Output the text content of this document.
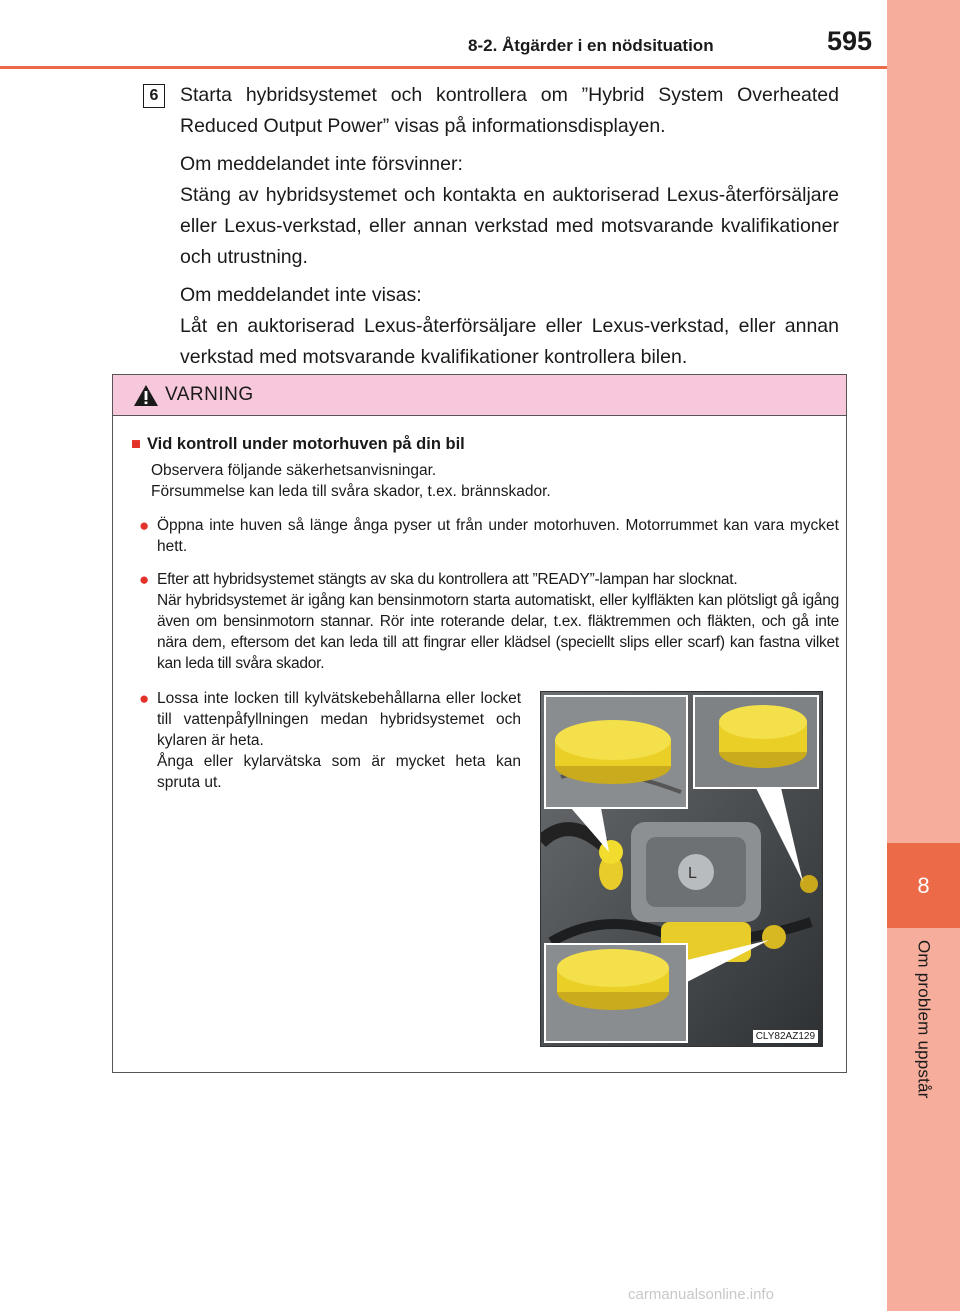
8
Om problem uppstår
8-2. Åtgärder i en nödsituation	595
6	Starta hybridsystemet och kontrollera om ”Hybrid System Overheated Reduced Output Power” visas på informationsdisplayen.

Om meddelandet inte försvinner:

Stäng av hybridsystemet och kontakta en auktoriserad Lexus-återförsäljare eller Lexus-verkstad, eller annan verkstad med motsvarande kvalifikationer och utrustning.

Om meddelandet inte visas:

Låt en auktoriserad Lexus-återförsäljare eller Lexus-verkstad, eller annan verkstad med motsvarande kvalifikationer kontrollera bilen.

VARNING
■ Vid kontroll under motorhuven på din bil

Observera följande säkerhetsanvisningar.

Försummelse kan leda till svåra skador, t.ex. brännskador.

● Öppna inte huven så länge ånga pyser ut från under motorhuven. Motorrummet kan vara mycket hett.

● Efter att hybridsystemet stängts av ska du kontrollera att ”READY”-lampan har slocknat.

När hybridsystemet är igång kan bensinmotorn starta automatiskt, eller kylfläkten kan plötsligt gå igång även om bensinmotorn stannar. Rör inte roterande delar, t.ex. fläktremmen och fläkten, och gå inte nära dem, eftersom det kan leda till att fingrar eller klädsel (speciellt slips eller scarf) kan fastna vilket kan leda till svåra skador.

● Lossa inte locken till kylvätskebehållarna eller locket till vattenpåfyllningen medan hybridsystemet och kylaren är heta.

Ånga eller kylarvätska som är mycket heta kan spruta ut.

L
CLY82AZ129
carmanualsonline.info
